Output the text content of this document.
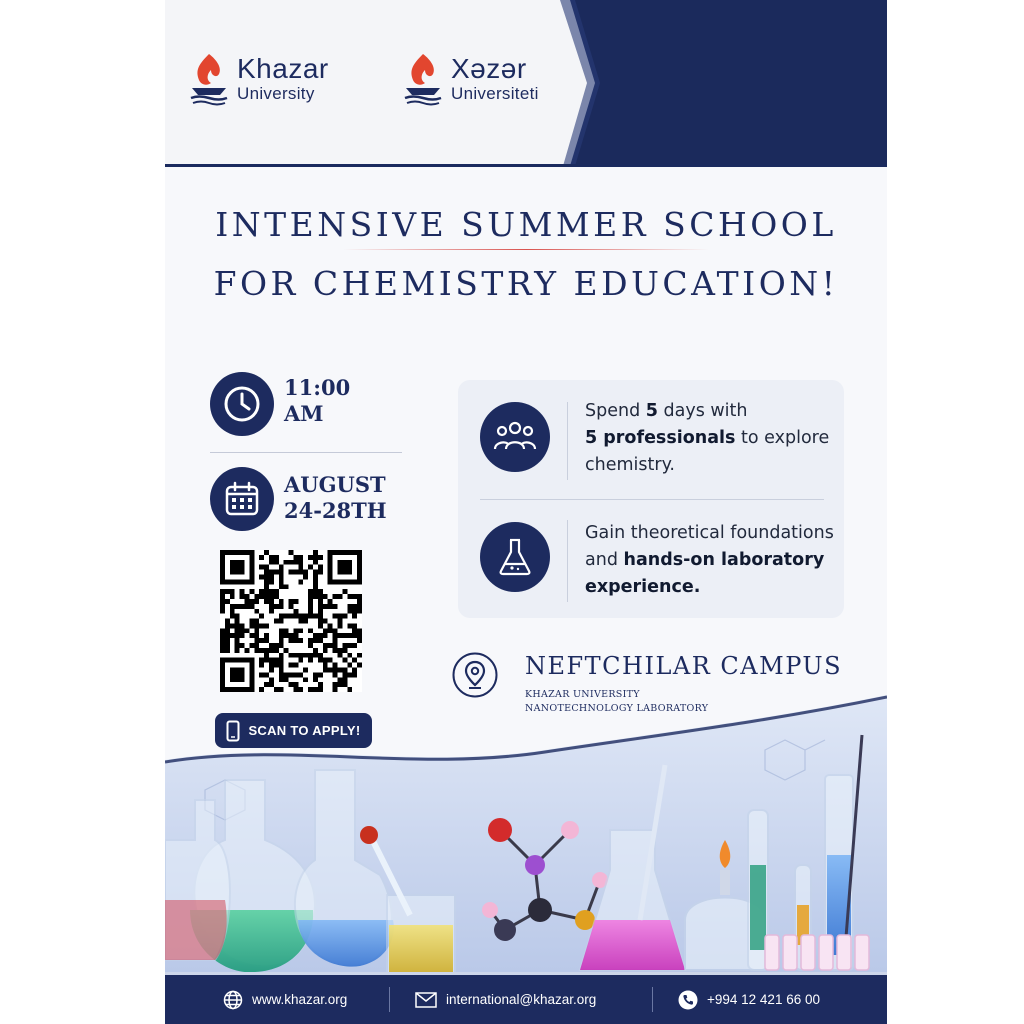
Khazar
University
Xəzər
Universiteti
INTENSIVE SUMMER SCHOOL
FOR CHEMISTRY EDUCATION!
11:00
AM
AUGUST
24-28TH
SCAN TO APPLY!
Spend 5 days with
5 professionals to explore
chemistry.
Gain theoretical foundations
and hands-on laboratory
experience.
NEFTCHILAR CAMPUS
KHAZAR UNIVERSITY
NANOTECHNOLOGY LABORATORY
www.khazar.org	international@khazar.org	+994 12 421 66 00
